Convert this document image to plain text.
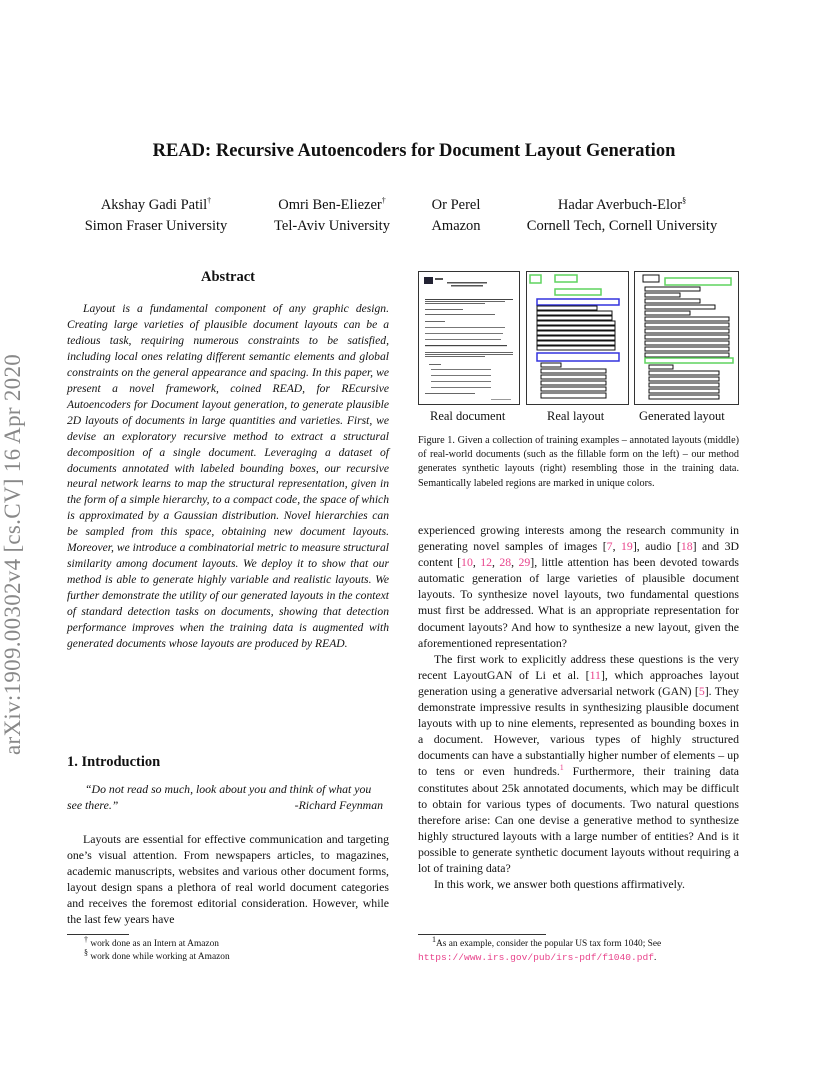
arXiv:1909.00302v4 [cs.CV] 16 Apr 2020
READ: Recursive Autoencoders for Document Layout Generation
Akshay Gadi Patil†
Simon Fraser University
Omri Ben-Eliezer†
Tel-Aviv University
Or Perel
Amazon
Hadar Averbuch-Elor§
Cornell Tech, Cornell University
Abstract
Layout is a fundamental component of any graphic design. Creating large varieties of plausible document layouts can be a tedious task, requiring numerous constraints to be satisfied, including local ones relating different semantic elements and global constraints on the general appearance and spacing. In this paper, we present a novel framework, coined READ, for REcursive Autoencoders for Document layout generation, to generate plausible 2D layouts of documents in large quantities and varieties. First, we devise an exploratory recursive method to extract a structural decomposition of a single document. Leveraging a dataset of documents annotated with labeled bounding boxes, our recursive neural network learns to map the structural representation, given in the form of a simple hierarchy, to a compact code, the space of which is approximated by a Gaussian distribution. Novel hierarchies can be sampled from this space, obtaining new document layouts. Moreover, we introduce a combinatorial metric to measure structural similarity among document layouts. We deploy it to show that our method is able to generate highly variable and realistic layouts. We further demonstrate the utility of our generated layouts in the context of standard detection tasks on documents, showing that detection performance improves when the training data is augmented with generated documents whose layouts are produced by READ.
1. Introduction
“Do not read so much, look about you and think of what you see there.”	-Richard Feynman

Layouts are essential for effective communication and targeting one’s visual attention. From newspapers articles, to magazines, academic manuscripts, websites and various other document forms, layout design spans a plethora of real world document categories and receives the foremost editorial consideration. However, while the last few years have

† work done as an Intern at Amazon
§ work done while working at Amazon
Real document	Real layout	Generated layout
Figure 1. Given a collection of training examples – annotated layouts (middle) of real-world documents (such as the fillable form on the left) – our method generates synthetic layouts (right) resembling those in the training data. Semantically labeled regions are marked in unique colors.

experienced growing interests among the research community in generating novel samples of images [7, 19], audio [18] and 3D content [10, 12, 28, 29], little attention has been devoted towards automatic generation of large varieties of plausible document layouts. To synthesize novel layouts, two fundamental questions must first be addressed. What is an appropriate representation for document layouts? And how to synthesize a new layout, given the aforementioned representation?

The first work to explicitly address these questions is the very recent LayoutGAN of Li et al. [11], which approaches layout generation using a generative adversarial network (GAN) [5]. They demonstrate impressive results in synthesizing plausible document layouts with up to nine elements, represented as bounding boxes in a document. However, various types of highly structured documents can have a substantially higher number of elements – up to tens or even hundreds.$^1$ Furthermore, their training data constitutes about 25k annotated documents, which may be difficult to obtain for various types of documents. Two natural questions therefore arise: Can one devise a generative method to synthesize highly structured layouts with a large number of entities? And is it possible to generate synthetic document layouts without requiring a lot of training data?

In this work, we answer both questions affirmatively.

1As an example, consider the popular US tax form 1040; See https://www.irs.gov/pub/irs-pdf/f1040.pdf.
